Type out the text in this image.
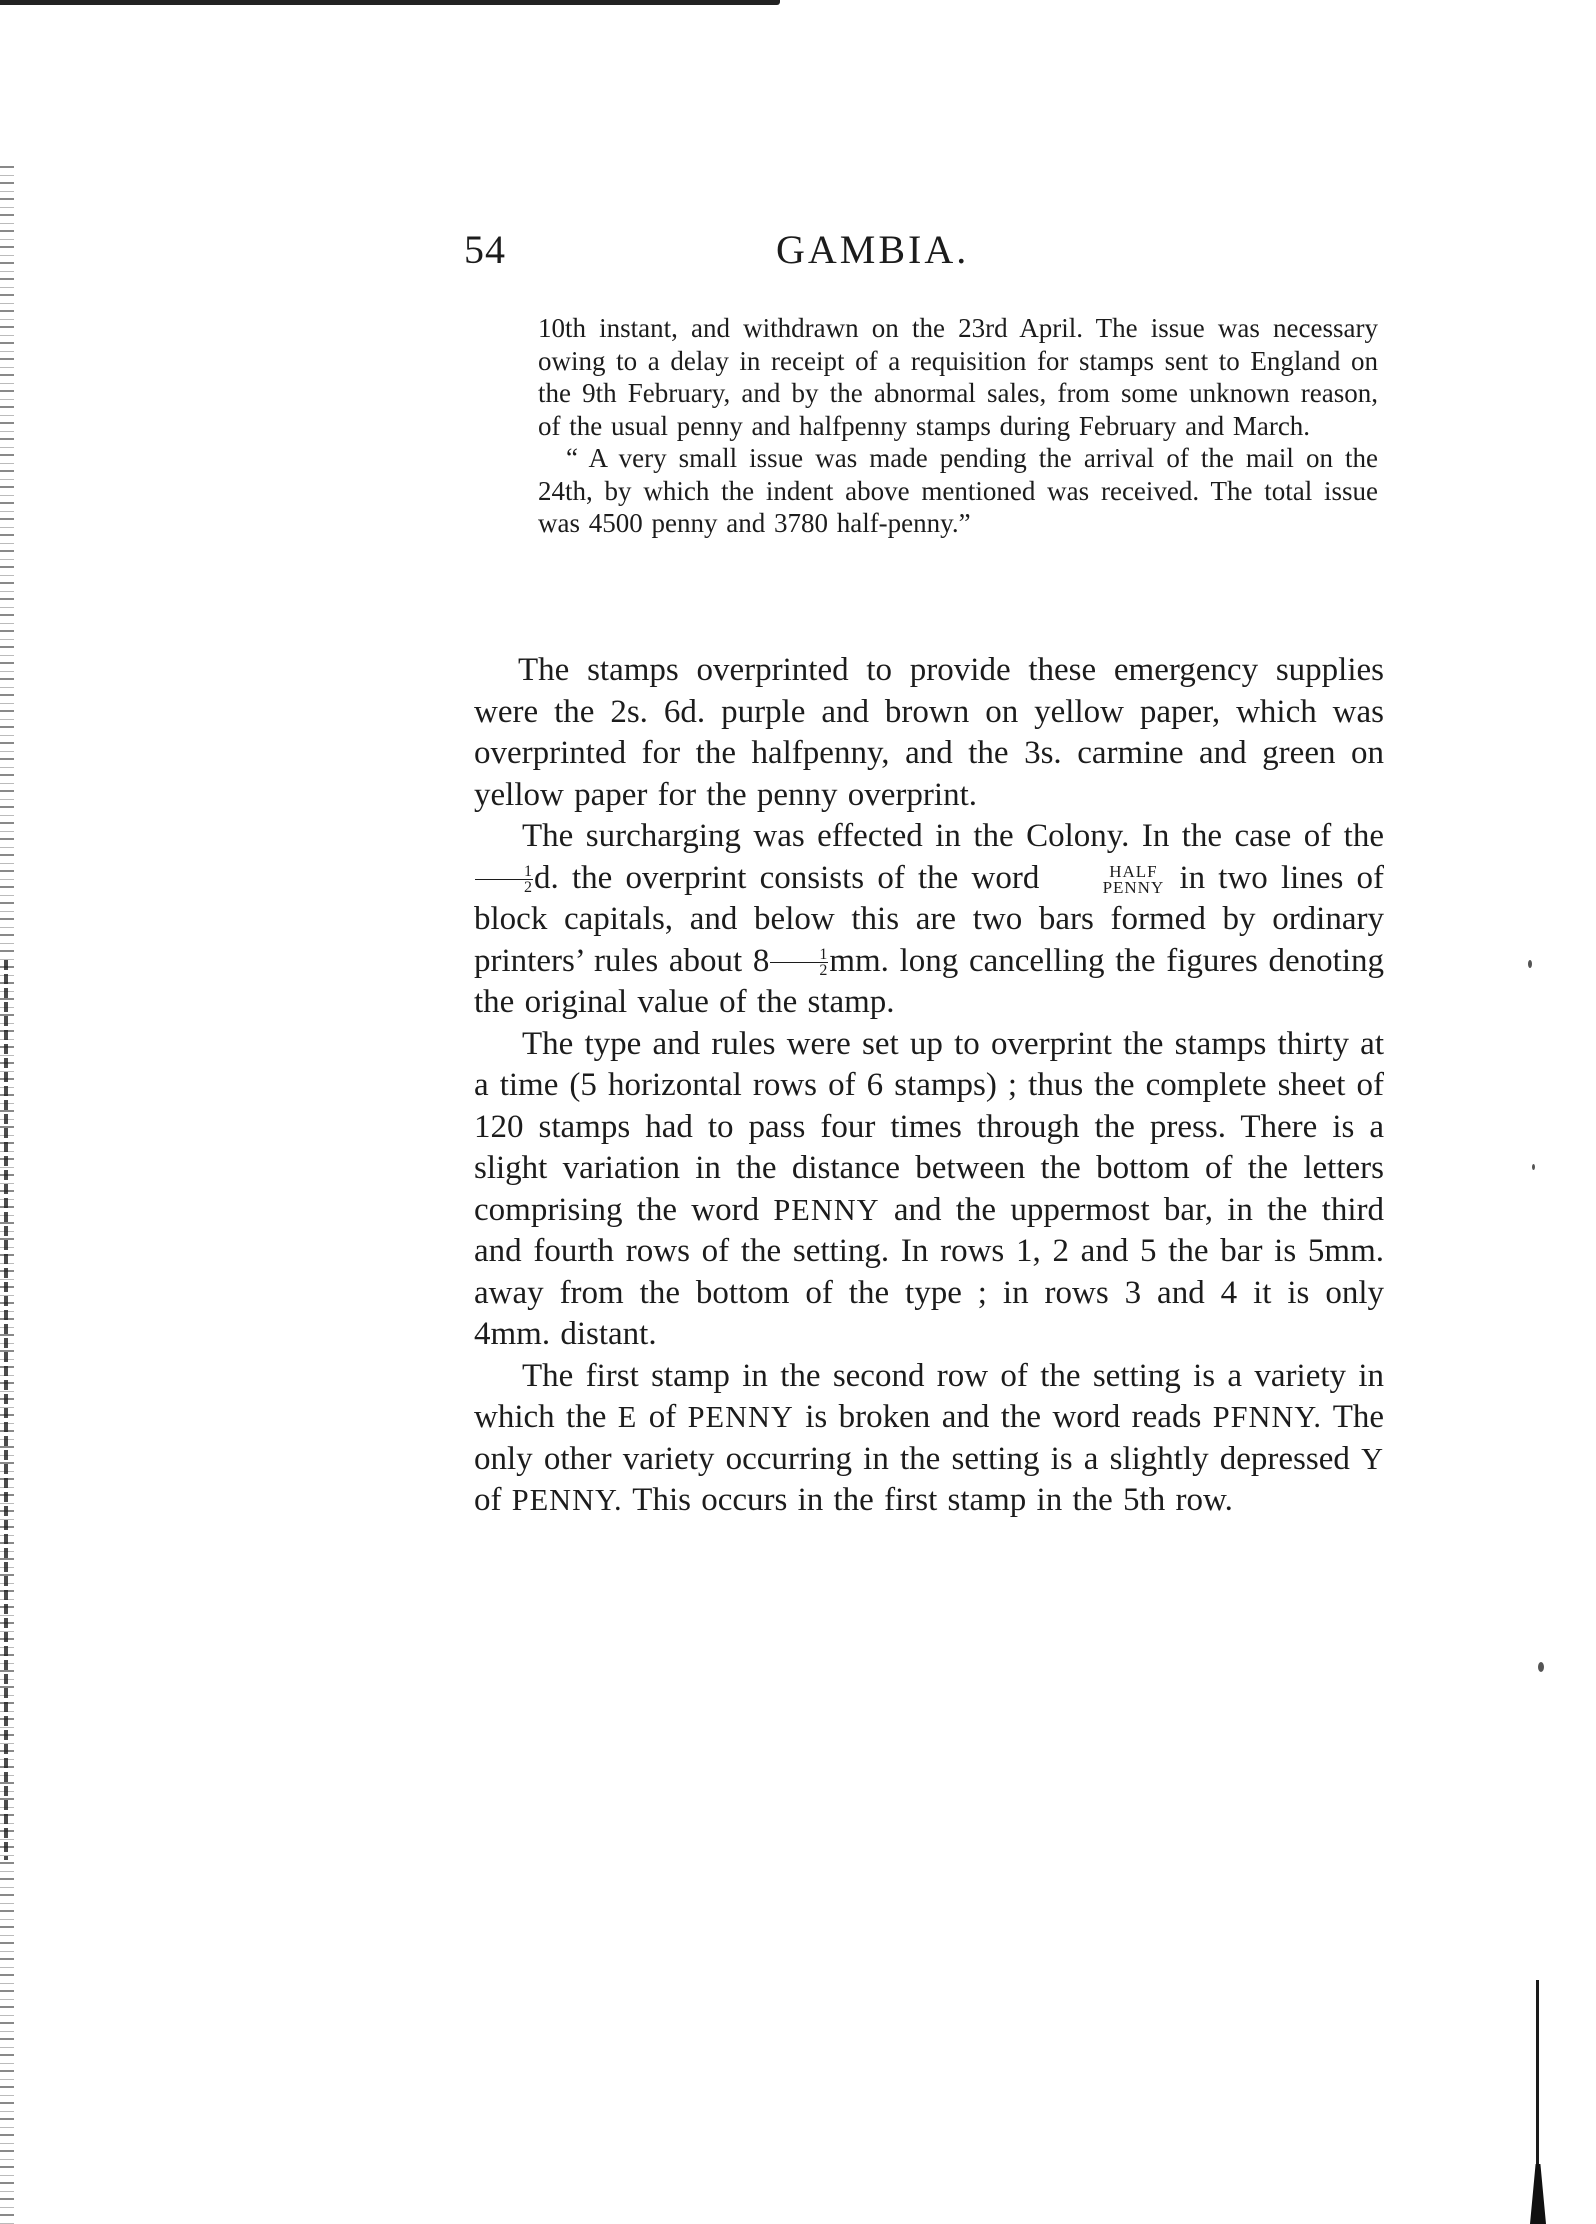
54	GAMBIA.

10th instant, and withdrawn on the 23rd April. The issue was necessary owing to a delay in receipt of a requisition for stamps sent to England on the 9th February, and by the abnormal sales, from some unknown reason, of the usual penny and halfpenny stamps during February and March.

“ A very small issue was made pending the arrival of the mail on the 24th, by which the indent above mentioned was received. The total issue was 4500 penny and 3780 half-penny.”

The stamps overprinted to provide these emergency supplies were the 2s. 6d. purple and brown on yellow paper, which was overprinted for the halfpenny, and the 3s. carmine and green on yellow paper for the penny overprint.

The surcharging was effected in the Colony. In the case of the
$\frac{1}{2} d$. the overprint consists of the word	HALF
PENNY in two lines of block capitals, and below this are two bars formed by ordinary printers’ rules about $8 \frac{1}{2}$ mm. long cancelling the figures denoting the original value of the stamp.

The type and rules were set up to overprint the stamps thirty at a time (5 horizontal rows of 6 stamps) ; thus the complete sheet of 120 stamps had to pass four times through the press. There is a slight variation in the distance between the bottom of the letters comprising the word PENNY and the uppermost bar, in the third and fourth rows of the setting. In rows 1, 2 and 5 the bar is 5mm. away from the bottom of the type ; in rows 3 and 4 it is only 4mm. distant.

The first stamp in the second row of the setting is a variety in which the E of PENNY is broken and the word reads PFNNY. The only other variety occurring in the setting is a slightly depressed Y of PENNY. This occurs in the first stamp in the 5th row.
